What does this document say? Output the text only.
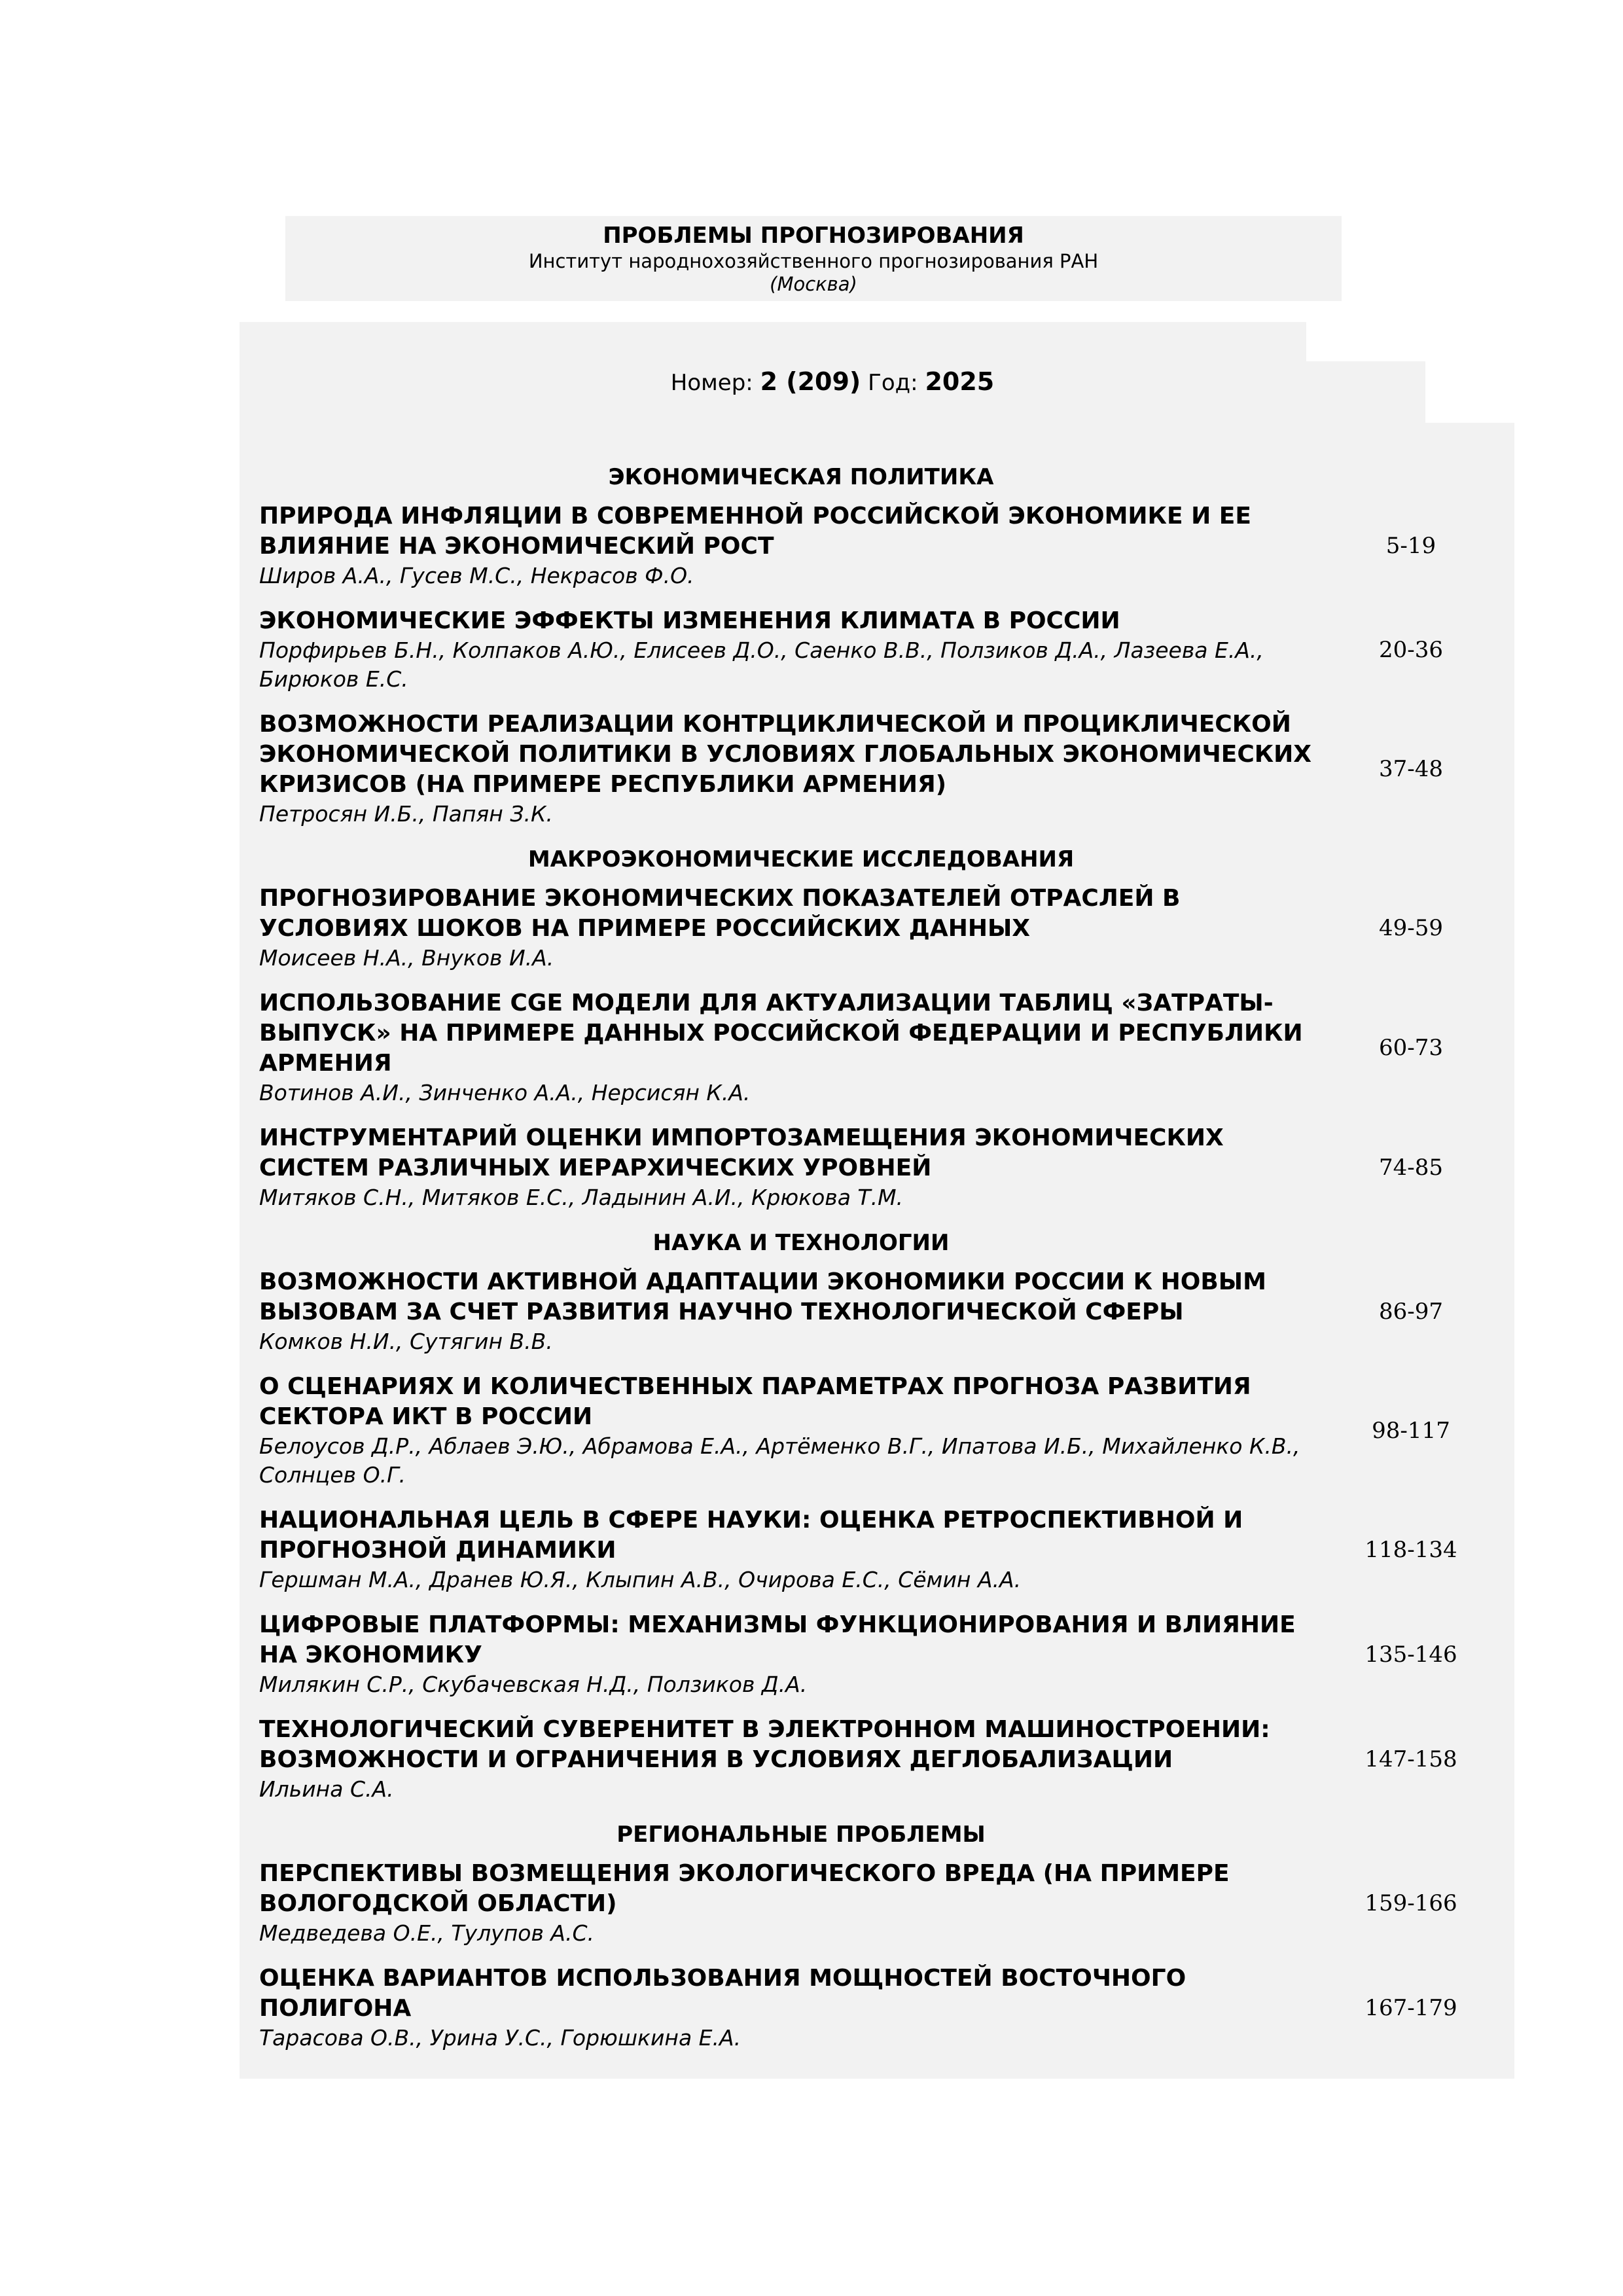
ПРОБЛЕМЫ ПРОГНОЗИРОВАНИЯ
Институт народнохозяйственного прогнозирования РАН
(Москва)
Номер: 2 (209) Год: 2025
ЭКОНОМИЧЕСКАЯ ПОЛИТИКА
ПРИРОДА ИНФЛЯЦИИ В СОВРЕМЕННОЙ РОССИЙСКОЙ ЭКОНОМИКЕ И ЕЕ ВЛИЯНИЕ НА ЭКОНОМИЧЕСКИЙ РОСТ
Широв А.А., Гусев М.С., Некрасов Ф.О.
5-19
ЭКОНОМИЧЕСКИЕ ЭФФЕКТЫ ИЗМЕНЕНИЯ КЛИМАТА В РОССИИ
Порфирьев Б.Н., Колпаков А.Ю., Елисеев Д.О., Саенко В.В., Ползиков Д.А., Лазеева Е.А., Бирюков Е.С.
20-36
ВОЗМОЖНОСТИ РЕАЛИЗАЦИИ КОНТРЦИКЛИЧЕСКОЙ И ПРОЦИКЛИЧЕСКОЙ ЭКОНОМИЧЕСКОЙ ПОЛИТИКИ В УСЛОВИЯХ ГЛОБАЛЬНЫХ ЭКОНОМИЧЕСКИХ КРИЗИСОВ (НА ПРИМЕРЕ РЕСПУБЛИКИ АРМЕНИЯ)
Петросян И.Б., Папян З.К.
37-48
МАКРОЭКОНОМИЧЕСКИЕ ИССЛЕДОВАНИЯ
ПРОГНОЗИРОВАНИЕ ЭКОНОМИЧЕСКИХ ПОКАЗАТЕЛЕЙ ОТРАСЛЕЙ В УСЛОВИЯХ ШОКОВ НА ПРИМЕРЕ РОССИЙСКИХ ДАННЫХ
Моисеев Н.А., Внуков И.А.
49-59
ИСПОЛЬЗОВАНИЕ CGE МОДЕЛИ ДЛЯ АКТУАЛИЗАЦИИ ТАБЛИЦ «ЗАТРАТЫ-ВЫПУСК» НА ПРИМЕРЕ ДАННЫХ РОССИЙСКОЙ ФЕДЕРАЦИИ И РЕСПУБЛИКИ АРМЕНИЯ
Вотинов А.И., Зинченко А.А., Нерсисян К.А.
60-73
ИНСТРУМЕНТАРИЙ ОЦЕНКИ ИМПОРТОЗАМЕЩЕНИЯ ЭКОНОМИЧЕСКИХ СИСТЕМ РАЗЛИЧНЫХ ИЕРАРХИЧЕСКИХ УРОВНЕЙ
Митяков С.Н., Митяков Е.С., Ладынин А.И., Крюкова Т.М.
74-85
НАУКА И ТЕХНОЛОГИИ
ВОЗМОЖНОСТИ АКТИВНОЙ АДАПТАЦИИ ЭКОНОМИКИ РОССИИ К НОВЫМ ВЫЗОВАМ ЗА СЧЕТ РАЗВИТИЯ НАУЧНО ТЕХНОЛОГИЧЕСКОЙ СФЕРЫ
Комков Н.И., Сутягин В.В.
86-97
О СЦЕНАРИЯХ И КОЛИЧЕСТВЕННЫХ ПАРАМЕТРАХ ПРОГНОЗА РАЗВИТИЯ СЕКТОРА ИКТ В РОССИИ
Белоусов Д.Р., Аблаев Э.Ю., Абрамова Е.А., Артёменко В.Г., Ипатова И.Б., Михайленко К.В., Солнцев О.Г.
98-117
НАЦИОНАЛЬНАЯ ЦЕЛЬ В СФЕРЕ НАУКИ: ОЦЕНКА РЕТРОСПЕКТИВНОЙ И ПРОГНОЗНОЙ ДИНАМИКИ
Гершман М.А., Дранев Ю.Я., Клыпин А.В., Очирова Е.С., Сёмин А.А.
118-134
ЦИФРОВЫЕ ПЛАТФОРМЫ: МЕХАНИЗМЫ ФУНКЦИОНИРОВАНИЯ И ВЛИЯНИЕ НА ЭКОНОМИКУ
Милякин С.Р., Скубачевская Н.Д., Ползиков Д.А.
135-146
ТЕХНОЛОГИЧЕСКИЙ СУВЕРЕНИТЕТ В ЭЛЕКТРОННОМ МАШИНОСТРОЕНИИ: ВОЗМОЖНОСТИ И ОГРАНИЧЕНИЯ В УСЛОВИЯХ ДЕГЛОБАЛИЗАЦИИ
Ильина С.А.
147-158
РЕГИОНАЛЬНЫЕ ПРОБЛЕМЫ
ПЕРСПЕКТИВЫ ВОЗМЕЩЕНИЯ ЭКОЛОГИЧЕСКОГО ВРЕДА (НА ПРИМЕРЕ ВОЛОГОДСКОЙ ОБЛАСТИ)
Медведева О.Е., Тулупов А.С.
159-166
ОЦЕНКА ВАРИАНТОВ ИСПОЛЬЗОВАНИЯ МОЩНОСТЕЙ ВОСТОЧНОГО ПОЛИГОНА
Тарасова О.В., Урина У.С., Горюшкина Е.А.
167-179
